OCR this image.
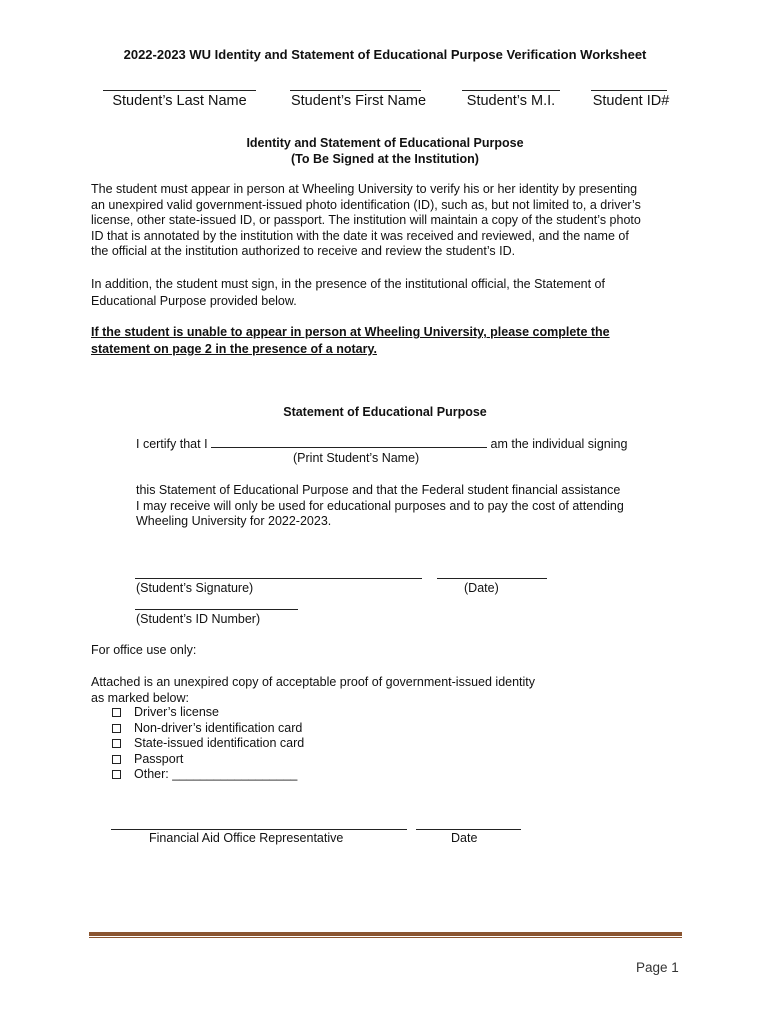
2022-2023 WU Identity and Statement of Educational Purpose Verification Worksheet
Student’s Last Name	Student’s First Name	Student’s M.I.	Student ID#
Identity and Statement of Educational Purpose
(To Be Signed at the Institution)
The student must appear in person at Wheeling University to verify his or her identity by presenting
an unexpired valid government-issued photo identification (ID), such as, but not limited to, a driver’s
license, other state-issued ID, or passport. The institution will maintain a copy of the student’s photo
ID that is annotated by the institution with the date it was received and reviewed, and the name of
the official at the institution authorized to receive and review the student’s ID.
In addition, the student must sign, in the presence of the institutional official, the Statement of
Educational Purpose provided below.
If the student is unable to appear in person at Wheeling University, please complete the
statement on page 2 in the presence of a notary.
Statement of Educational Purpose
I certify that I	am the individual signing
(Print Student’s Name)
this Statement of Educational Purpose and that the Federal student financial assistance
I may receive will only be used for educational purposes and to pay the cost of attending
Wheeling University for 2022-2023.
(Student’s Signature)	(Date)
(Student’s ID Number)
For office use only:
Attached is an unexpired copy of acceptable proof of government-issued identity
as marked below:
Driver’s license
Non-driver’s identification card
State-issued identification card
Passport
Other: __________________
Financial Aid Office Representative	Date
Page 1
